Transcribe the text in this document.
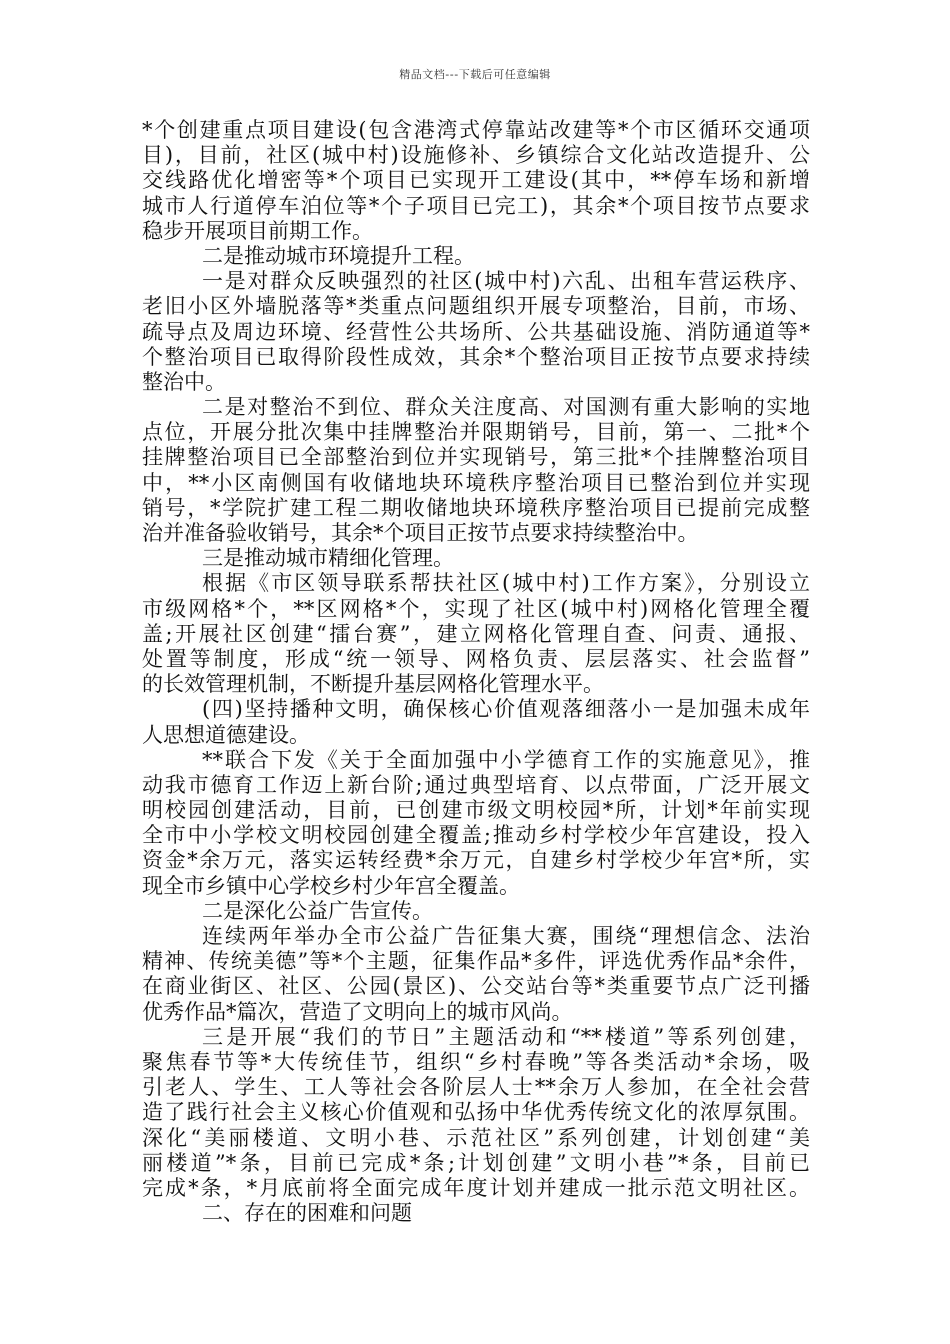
精品文档---下载后可任意编辑
*个创建重点项目建设(包含港湾式停靠站改建等*个市区循环交通项
目)，目前，社区(城中村)设施修补、乡镇综合文化站改造提升、公
交线路优化增密等*个项目已实现开工建设(其中，**停车场和新增
城市人行道停车泊位等*个子项目已完工)，其余*个项目按节点要求
稳步开展项目前期工作。
二是推动城市环境提升工程。
一是对群众反映强烈的社区(城中村)六乱、出租车营运秩序、
老旧小区外墙脱落等*类重点问题组织开展专项整治，目前，市场、
疏导点及周边环境、经营性公共场所、公共基础设施、消防通道等*
个整治项目已取得阶段性成效，其余*个整治项目正按节点要求持续
整治中。
二是对整治不到位、群众关注度高、对国测有重大影响的实地
点位，开展分批次集中挂牌整治并限期销号，目前，第一、二批*个
挂牌整治项目已全部整治到位并实现销号，第三批*个挂牌整治项目
中，**小区南侧国有收储地块环境秩序整治项目已整治到位并实现
销号，*学院扩建工程二期收储地块环境秩序整治项目已提前完成整
治并准备验收销号，其余*个项目正按节点要求持续整治中。
三是推动城市精细化管理。
根据《市区领导联系帮扶社区(城中村)工作方案》，分别设立
市级网格*个，**区网格*个，实现了社区(城中村)网格化管理全覆
盖;开展社区创建“擂台赛”，建立网格化管理自查、问责、通报、
处置等制度，形成“统一领导、网格负责、层层落实、社会监督”
的长效管理机制，不断提升基层网格化管理水平。
(四)坚持播种文明，确保核心价值观落细落小一是加强未成年
人思想道德建设。
**联合下发《关于全面加强中小学德育工作的实施意见》，推
动我市德育工作迈上新台阶;通过典型培育、以点带面，广泛开展文
明校园创建活动，目前，已创建市级文明校园*所，计划*年前实现
全市中小学校文明校园创建全覆盖;推动乡村学校少年宫建设，投入
资金*余万元，落实运转经费*余万元，自建乡村学校少年宫*所，实
现全市乡镇中心学校乡村少年宫全覆盖。
二是深化公益广告宣传。
连续两年举办全市公益广告征集大赛，围绕“理想信念、法治
精神、传统美德”等*个主题，征集作品*多件，评选优秀作品*余件，
在商业街区、社区、公园(景区)、公交站台等*类重要节点广泛刊播
优秀作品*篇次，营造了文明向上的城市风尚。
三是开展“我们的节日”主题活动和“**楼道”等系列创建，
聚焦春节等*大传统佳节，组织“乡村春晚”等各类活动*余场，吸
引老人、学生、工人等社会各阶层人士**余万人参加，在全社会营
造了践行社会主义核心价值观和弘扬中华优秀传统文化的浓厚氛围。
深化“美丽楼道、文明小巷、示范社区”系列创建，计划创建“美
丽楼道”*条，目前已完成*条;计划创建”文明小巷”*条，目前已
完成*条，*月底前将全面完成年度计划并建成一批示范文明社区。
二、存在的困难和问题
